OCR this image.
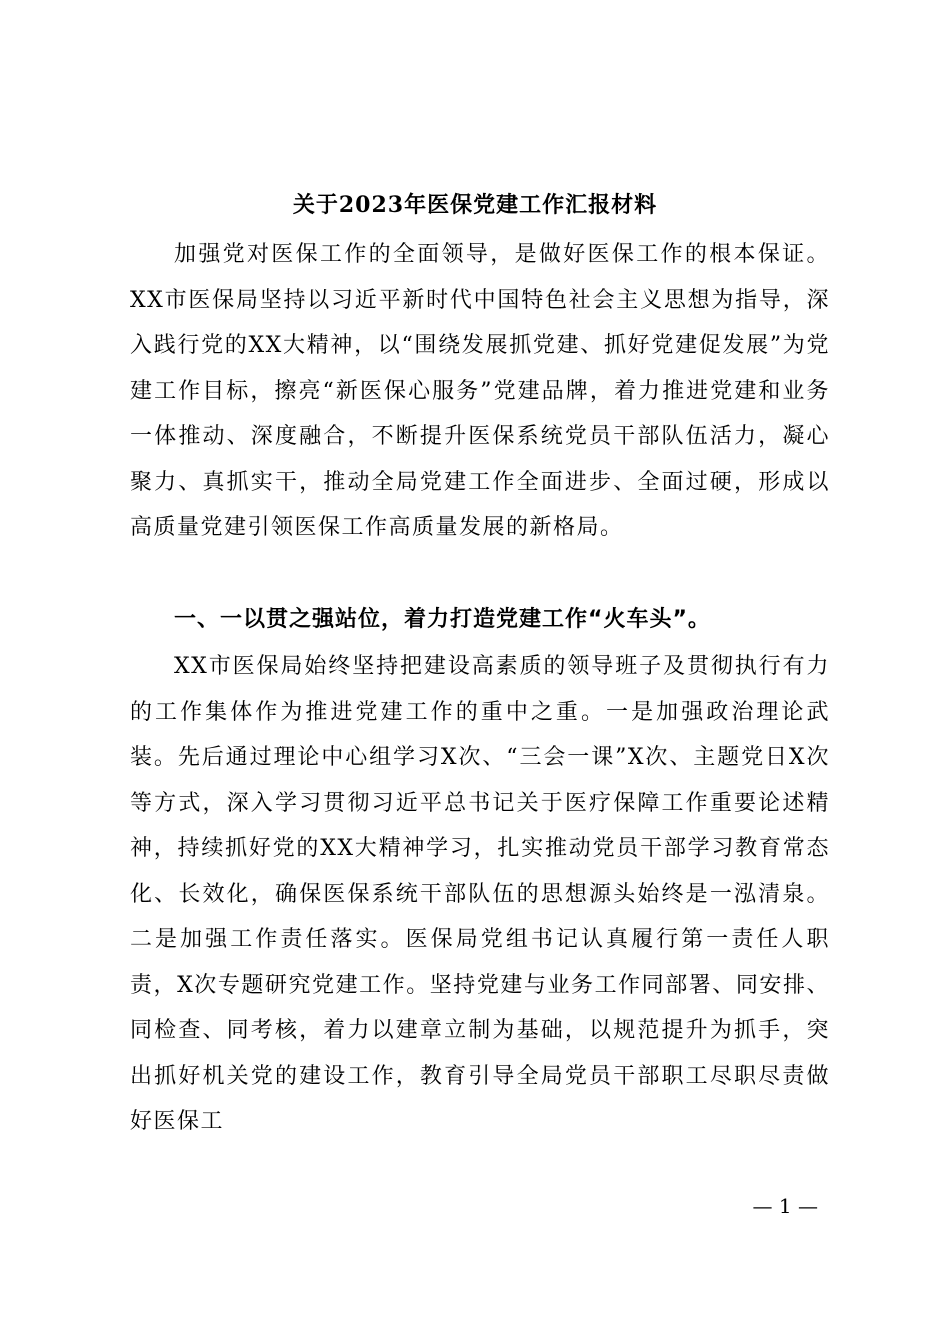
关于2023年医保党建工作汇报材料

加强党对医保工作的全面领导，是做好医保工作的根本保证。XX市医保局坚持以习近平新时代中国特色社会主义思想为指导，深入践行党的XX大精神，以“围绕发展抓党建、抓好党建促发展”为党建工作目标，擦亮“新医保心服务”党建品牌，着力推进党建和业务一体推动、深度融合，不断提升医保系统党员干部队伍活力，凝心聚力、真抓实干，推动全局党建工作全面进步、全面过硬，形成以高质量党建引领医保工作高质量发展的新格局。

一、一以贯之强站位，着力打造党建工作“火车头”。

XX市医保局始终坚持把建设高素质的领导班子及贯彻执行有力的工作集体作为推进党建工作的重中之重。一是加强政治理论武装。先后通过理论中心组学习X次、“三会一课”X次、主题党日X次等方式，深入学习贯彻习近平总书记关于医疗保障工作重要论述精神，持续抓好党的XX大精神学习，扎实推动党员干部学习教育常态化、长效化，确保医保系统干部队伍的思想源头始终是一泓清泉。二是加强工作责任落实。医保局党组书记认真履行第一责任人职责，X次专题研究党建工作。坚持党建与业务工作同部署、同安排、同检查、同考核，着力以建章立制为基础，以规范提升为抓手，突出抓好机关党的建设工作，教育引导全局党员干部职工尽职尽责做好医保工

— 1 —
